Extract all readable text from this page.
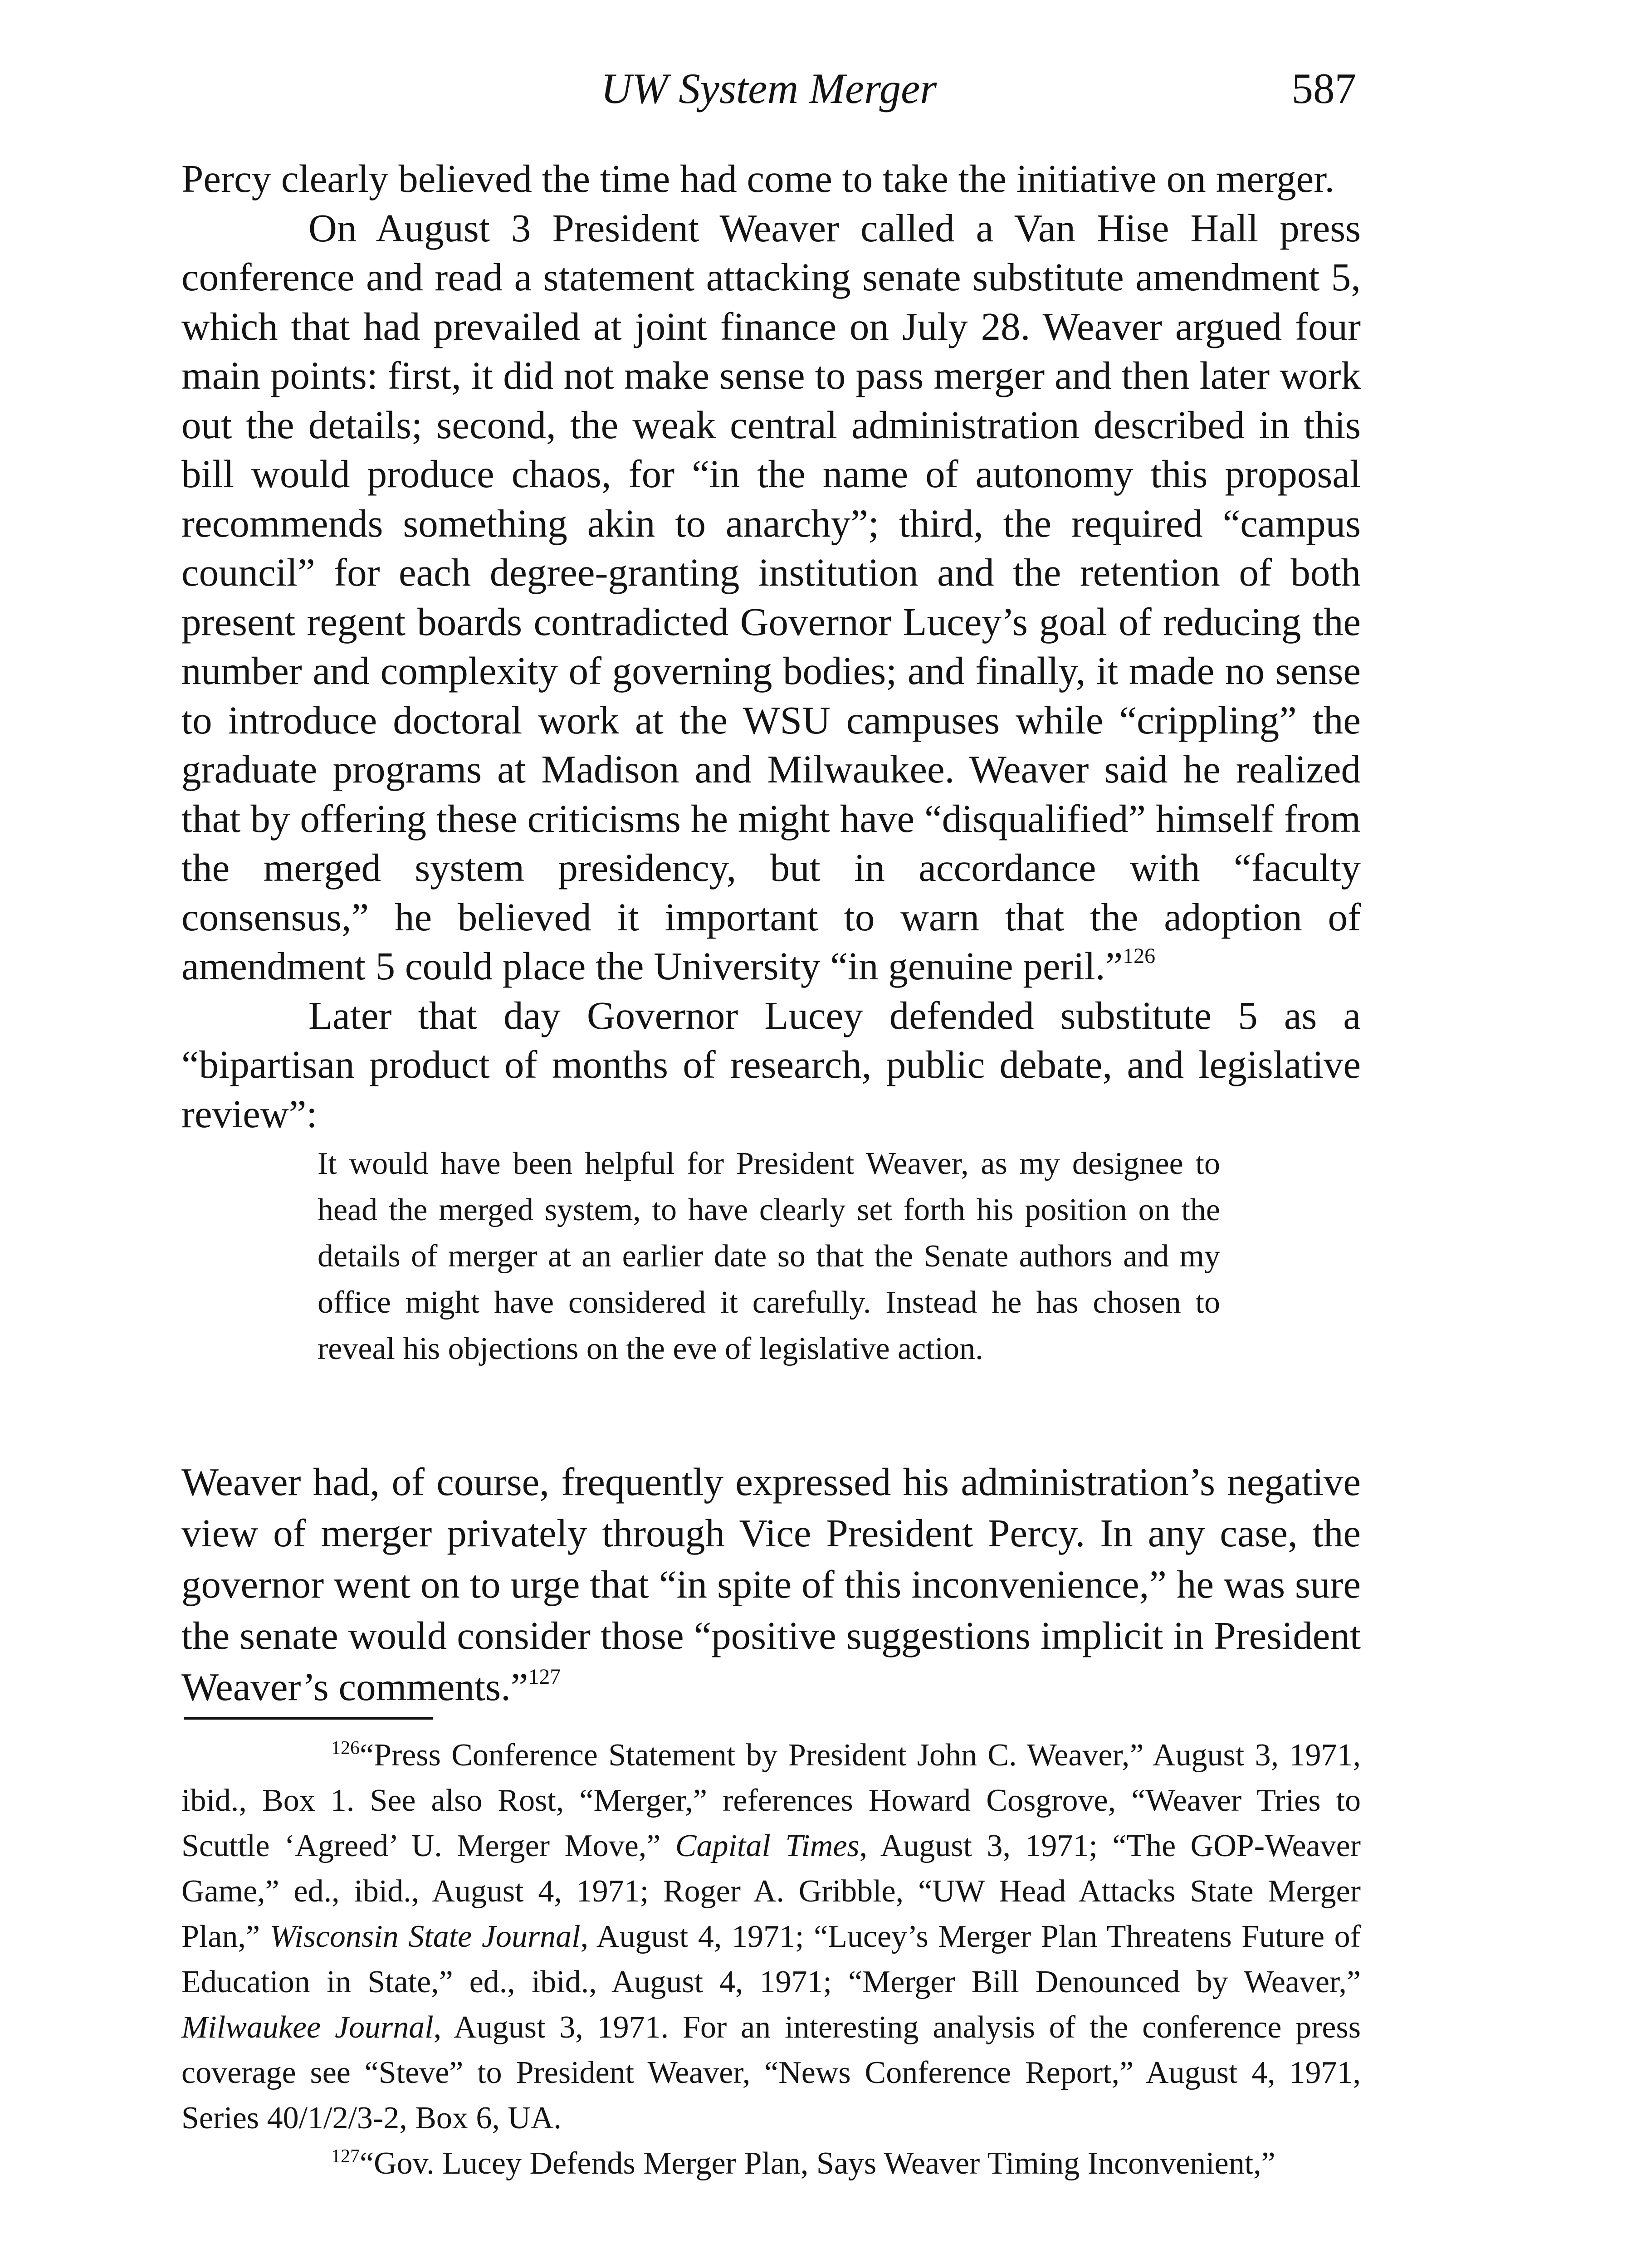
UW System Merger	587

Percy clearly believed the time had come to take the initiative on merger.

On August 3 President Weaver called a Van Hise Hall press conference and read a statement attacking senate substitute amendment 5, which that had prevailed at joint finance on July 28. Weaver argued four main points: first, it did not make sense to pass merger and then later work out the details; second, the weak central administration described in this bill would produce chaos, for “in the name of autonomy this proposal recommends something akin to anarchy”; third, the required “campus council” for each degree-granting institution and the retention of both present regent boards contradicted Governor Lucey’s goal of reducing the number and complexity of governing bodies; and finally, it made no sense to introduce doctoral work at the WSU campuses while “crippling” the graduate programs at Madison and Milwaukee. Weaver said he realized that by offering these criticisms he might have “disqualified” himself from the merged system presidency, but in accordance with “faculty consensus,” he believed it important to warn that the adoption of amendment 5 could place the University “in genuine peril.”$^{126}$

Later that day Governor Lucey defended substitute 5 as a “bipartisan product of months of research, public debate, and legislative review”:

It would have been helpful for President Weaver, as my designee to head the merged system, to have clearly set forth his position on the details of merger at an earlier date so that the Senate authors and my office might have considered it carefully. Instead he has chosen to reveal his objections on the eve of legislative action.

Weaver had, of course, frequently expressed his administration’s negative view of merger privately through Vice President Percy. In any case, the governor went on to urge that “in spite of this inconvenience,” he was sure the senate would consider those “positive suggestions implicit in President Weaver’s comments.”$^{127}$

$^{126}$“Press Conference Statement by President John C. Weaver,” August 3, 1971, ibid., Box 1. See also Rost, “Merger,” references Howard Cosgrove, “Weaver Tries to Scuttle ‘Agreed’ U. Merger Move,” Capital Times, August 3, 1971; “The GOP-Weaver Game,” ed., ibid., August 4, 1971; Roger A. Gribble, “UW Head Attacks State Merger Plan,” Wisconsin State Journal, August 4, 1971; “Lucey’s Merger Plan Threatens Future of Education in State,” ed., ibid., August 4, 1971; “Merger Bill Denounced by Weaver,” Milwaukee Journal, August 3, 1971. For an interesting analysis of the conference press coverage see “Steve” to President Weaver, “News Conference Report,” August 4, 1971, Series 40/1/2/3-2, Box 6, UA.

$^{127}$“Gov. Lucey Defends Merger Plan, Says Weaver Timing Inconvenient,”
